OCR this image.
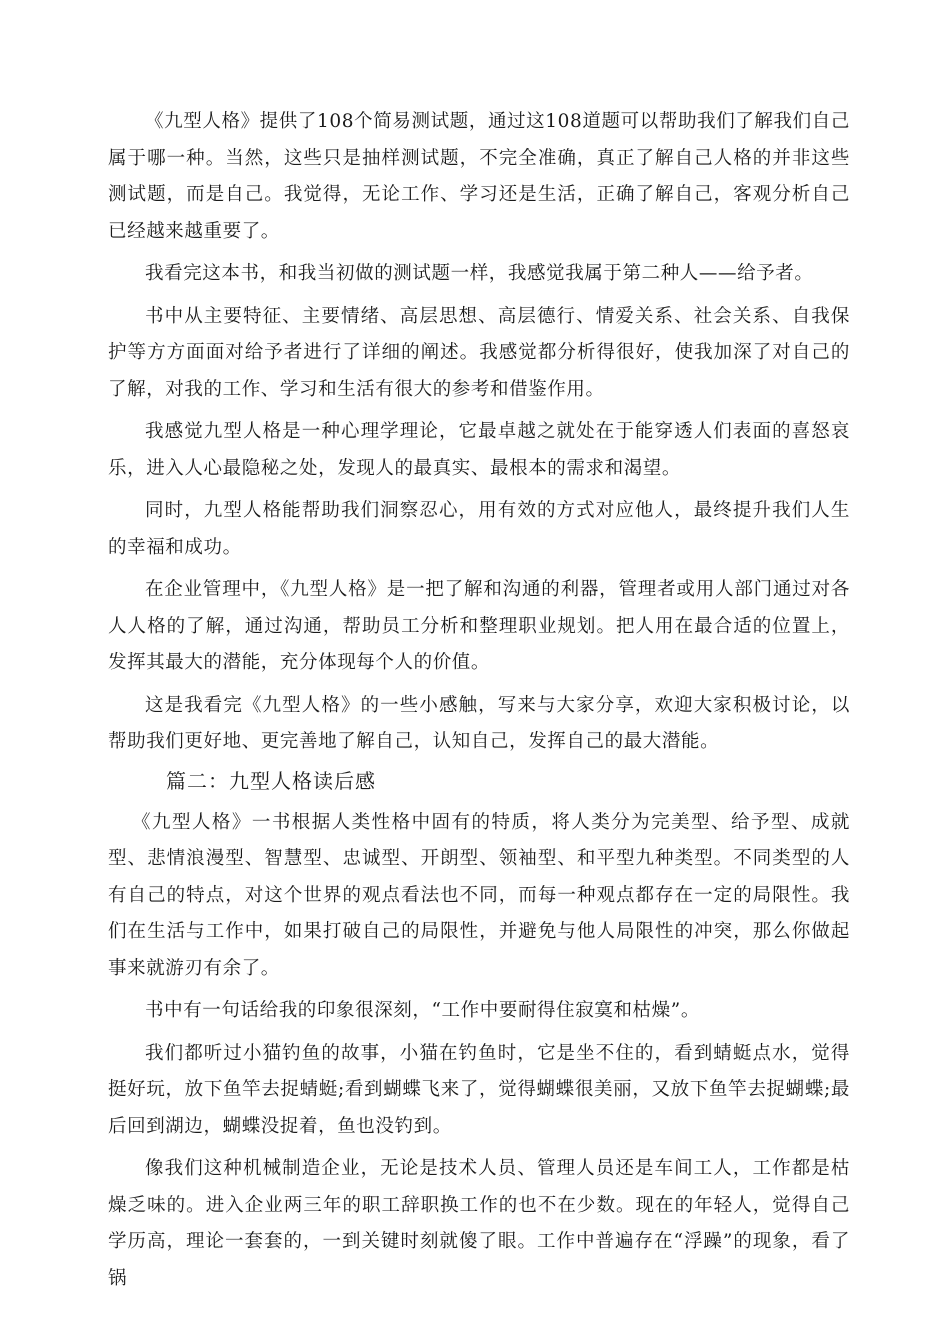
《九型人格》提供了108个简易测试题，通过这108道题可以帮助我们了解我们自己属于哪一种。当然，这些只是抽样测试题，不完全准确，真正了解自己人格的并非这些测试题，而是自己。我觉得，无论工作、学习还是生活，正确了解自己，客观分析自己已经越来越重要了。

我看完这本书，和我当初做的测试题一样，我感觉我属于第二种人——给予者。

书中从主要特征、主要情绪、高层思想、高层德行、情爱关系、社会关系、自我保护等方方面面对给予者进行了详细的阐述。我感觉都分析得很好，使我加深了对自己的了解，对我的工作、学习和生活有很大的参考和借鉴作用。

我感觉九型人格是一种心理学理论，它最卓越之就处在于能穿透人们表面的喜怒哀乐，进入人心最隐秘之处，发现人的最真实、最根本的需求和渴望。

同时，九型人格能帮助我们洞察忍心，用有效的方式对应他人，最终提升我们人生的幸福和成功。

在企业管理中，《九型人格》是一把了解和沟通的利器，管理者或用人部门通过对各人人格的了解，通过沟通，帮助员工分析和整理职业规划。把人用在最合适的位置上，发挥其最大的潜能，充分体现每个人的价值。

这是我看完《九型人格》的一些小感触，写来与大家分享，欢迎大家积极讨论，以帮助我们更好地、更完善地了解自己，认知自己，发挥自己的最大潜能。

篇二：九型人格读后感

《九型人格》一书根据人类性格中固有的特质，将人类分为完美型、给予型、成就型、悲情浪漫型、智慧型、忠诚型、开朗型、领袖型、和平型九种类型。不同类型的人有自己的特点，对这个世界的观点看法也不同，而每一种观点都存在一定的局限性。我们在生活与工作中，如果打破自己的局限性，并避免与他人局限性的冲突，那么你做起事来就游刃有余了。

书中有一句话给我的印象很深刻，“工作中要耐得住寂寞和枯燥”。

我们都听过小猫钓鱼的故事，小猫在钓鱼时，它是坐不住的，看到蜻蜓点水，觉得挺好玩，放下鱼竿去捉蜻蜓;看到蝴蝶飞来了，觉得蝴蝶很美丽，又放下鱼竿去捉蝴蝶;最后回到湖边，蝴蝶没捉着，鱼也没钓到。

像我们这种机械制造企业，无论是技术人员、管理人员还是车间工人，工作都是枯燥乏味的。进入企业两三年的职工辞职换工作的也不在少数。现在的年轻人，觉得自己学历高，理论一套套的，一到关键时刻就傻了眼。工作中普遍存在“浮躁”的现象，看了锅
